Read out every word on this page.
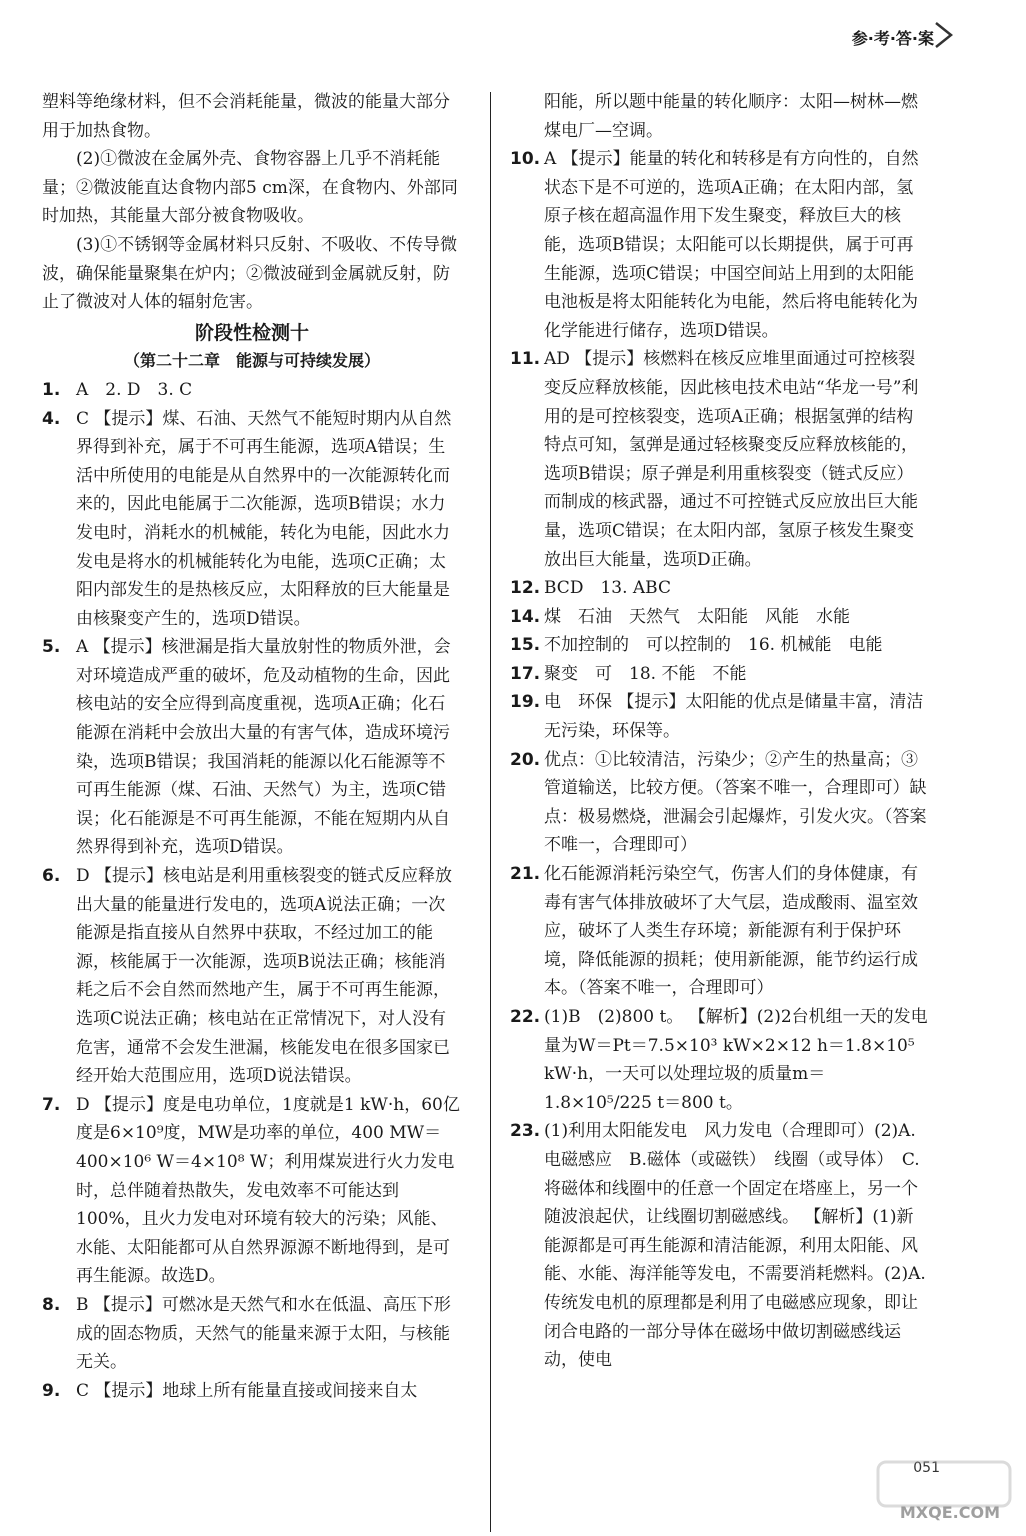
参·考·答·案

塑料等绝缘材料，但不会消耗能量，微波的能量大部分用于加热食物。

(2)①微波在金属外壳、食物容器上几乎不消耗能量；②微波能直达食物内部5 cm深，在食物内、外部同时加热，其能量大部分被食物吸收。

(3)①不锈钢等金属材料只反射、不吸收、不传导微波，确保能量聚集在炉内；②微波碰到金属就反射，防止了微波对人体的辐射危害。

阶段性检测十

（第二十二章　能源与可持续发展）

1. A　2. D　3. C
4. C 【提示】煤、石油、天然气不能短时期内从自然界得到补充，属于不可再生能源，选项A错误；生活中所使用的电能是从自然界中的一次能源转化而来的，因此电能属于二次能源，选项B错误；水力发电时，消耗水的机械能，转化为电能，因此水力发电是将水的机械能转化为电能，选项C正确；太阳内部发生的是热核反应，太阳释放的巨大能量是由核聚变产生的，选项D错误。
5. A 【提示】核泄漏是指大量放射性的物质外泄，会对环境造成严重的破坏，危及动植物的生命，因此核电站的安全应得到高度重视，选项A正确；化石能源在消耗中会放出大量的有害气体，造成环境污染，选项B错误；我国消耗的能源以化石能源等不可再生能源（煤、石油、天然气）为主，选项C错误；化石能源是不可再生能源，不能在短期内从自然界得到补充，选项D错误。
6. D 【提示】核电站是利用重核裂变的链式反应释放出大量的能量进行发电的，选项A说法正确；一次能源是指直接从自然界中获取，不经过加工的能源，核能属于一次能源，选项B说法正确；核能消耗之后不会自然而然地产生，属于不可再生能源，选项C说法正确；核电站在正常情况下，对人没有危害，通常不会发生泄漏，核能发电在很多国家已经开始大范围应用，选项D说法错误。
7. D 【提示】度是电功单位，1度就是1 kW·h，60亿度是6×10⁹度，MW是功率的单位，400 MW＝400×10⁶ W＝4×10⁸ W；利用煤炭进行火力发电时，总伴随着热散失，发电效率不可能达到100%，且火力发电对环境有较大的污染；风能、水能、太阳能都可从自然界源源不断地得到，是可再生能源。故选D。
8. B 【提示】可燃冰是天然气和水在低温、高压下形成的固态物质，天然气的能量来源于太阳，与核能无关。
9. C 【提示】地球上所有能量直接或间接来自太

阳能，所以题中能量的转化顺序：太阳—树林—燃煤电厂—空调。

10. A 【提示】能量的转化和转移是有方向性的，自然状态下是不可逆的，选项A正确；在太阳内部，氢原子核在超高温作用下发生聚变，释放巨大的核能，选项B错误；太阳能可以长期提供，属于可再生能源，选项C错误；中国空间站上用到的太阳能电池板是将太阳能转化为电能，然后将电能转化为化学能进行储存，选项D错误。
11. AD 【提示】核燃料在核反应堆里面通过可控核裂变反应释放核能，因此核电技术电站“华龙一号”利用的是可控核裂变，选项A正确；根据氢弹的结构特点可知，氢弹是通过轻核聚变反应释放核能的，选项B错误；原子弹是利用重核裂变（链式反应）而制成的核武器，通过不可控链式反应放出巨大能量，选项C错误；在太阳内部，氢原子核发生聚变放出巨大能量，选项D正确。
12. BCD　13. ABC
14. 煤　石油　天然气　太阳能　风能　水能
15. 不加控制的　可以控制的　16. 机械能　电能
17. 聚变　可　18. 不能　不能
19. 电　环保 【提示】太阳能的优点是储量丰富，清洁无污染，环保等。
20. 优点：①比较清洁，污染少；②产生的热量高；③管道输送，比较方便。（答案不唯一，合理即可）缺点：极易燃烧，泄漏会引起爆炸，引发火灾。（答案不唯一，合理即可）
21. 化石能源消耗污染空气，伤害人们的身体健康，有毒有害气体排放破坏了大气层，造成酸雨、温室效应，破坏了人类生存环境；新能源有利于保护环境，降低能源的损耗；使用新能源，能节约运行成本。（答案不唯一，合理即可）
22. (1)B　(2)800 t。 【解析】(2)2台机组一天的发电量为W＝Pt＝7.5×10³ kW×2×12 h＝1.8×10⁵ kW·h，一天可以处理垃圾的质量m＝1.8×10⁵/225 t＝800 t。
23. (1)利用太阳能发电　风力发电（合理即可）(2)A.电磁感应　B.磁体（或磁铁）　线圈（或导体）　C.将磁体和线圈中的任意一个固定在塔座上，另一个随波浪起伏，让线圈切割磁感线。 【解析】(1)新能源都是可再生能源和清洁能源，利用太阳能、风能、水能、海洋能等发电，不需要消耗燃料。(2)A.传统发电机的原理都是利用了电磁感应现象，即让闭合电路的一部分导体在磁场中做切割磁感线运动，使电
051
MXQE.COM
